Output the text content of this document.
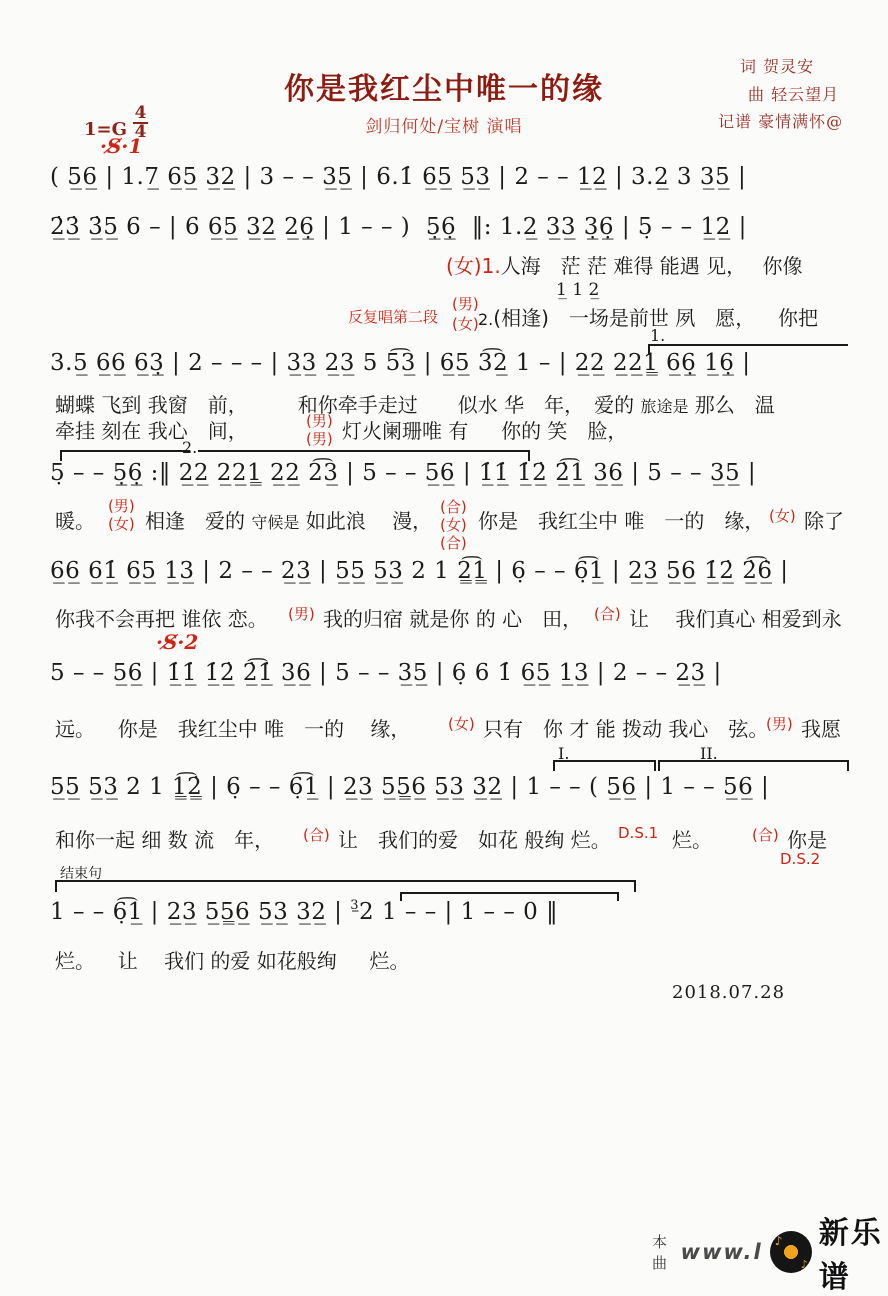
你是我红尘中唯一的缘
剑归何处/宝树 演唱
词 贺灵安
曲 轻云望月
记谱 豪情满怀@
$1=G \frac{4}{4}$
·S̸·1
( 5̲6̲ | 1.7̲ 6̲5̲ 3̲2̲ | 3 – – 3̲5̲ | 6.1̇ 6̲5̲ 5̲3̲ | 2 – – 1̲2̲ | 3.2̲ 3 3̲5̲ |
2̲̇3̲̇ 3̲̇5̲ 6 – | 6 6̲5̲ 3̲2̲ 2̲6̲̣ | 1 – – )  5̲̣6̲̣  ‖: 1.2̲ 3̲3̲ 3̲̣6̲̣ | 5̣ – – 1̲2̲ |
(女)1.人海　茫 茫 难得 能遇 见，　 你像
1̲ 1 2̲
反复唱第二段
(男)
(女) 2.(相逢)　一场是前世 夙　愿，　  你把
1.
3.5̲ 6̲6̲ 6̲3̲̣ | 2 – – – | 3̲3̲ 2̲3̲ 5 5͡3̲ | 6̲5̲ 3͡2̲ 1 – | 2̲2̲ 2̲2̲1̳ 6̲6̲̣ 1̲6̲̣ |
蝴蝶 飞到 我窗　前，　　　和你牵手走过　　似水 华　年，　爱的 旅途是 那么　温
牵挂 刻在 我心　间，	(男)
(男) 灯火阑珊唯 有　  你的 笑　脸，
2.
5̣ – – 5̲̣6̲̣ :‖ 2̲2̲ 2̲2̲1̳ 2̲2̲ 2͡3̲ | 5 – – 5̲6̲ | 1̲̇1̲̇ 1̲̇2̲̇ 2̲̇͡1̲ 3̲6̲ | 5 – – 3̲5̲ |
暖。
(男)
(女) 相逢　爱的 守候是 如此浪　 漫，
(合)
(女)
(合)
你是　我红尘中 唯　一的　缘， (女) 除了
6̲6̲ 6̲1̲̇ 6̲5̲ 1̲3̲ | 2 – – 2̲3̲ | 5̲5̲ 5̲3̲ 2 1 2̳͡1̳ | 6̣ – – 6̣͡1̲ | 2̲3̲ 5̲6̲ 1̲̇2̲̇ 2̲̇͡6̲̇ |
你我不会再把 谁依 恋。 (男) 我的归宿 就是你 的 心　田， (合) 让　 我们真心 相爱到永
·S̸·2
5 – – 5̲6̲ | 1̲̇1̲̇ 1̲̇2̲̇ 2̲̇͡1̲̇ 3̲6̲ | 5 – – 3̲5̲ | 6̣ 6 1̇ 6̲5̲ 1̲3̲ | 2 – – 2̲3̲ |
远。　  你是　我红尘中 唯　一的　 缘，	(女) 只有　你 才 能 拨动 我心　弦。
(男) 我愿
I.	II.
5̲5̲ 5̲3̲ 2 1 1̳͡2̳̇ | 6̣ – – 6̣͡1̲ | 2̲3̲ 5̲5̳6̲ 5̲3̲ 3̲2̲ | 1 – – ( 5̲6̲ | 1 – – 5̲6̲ |
和你一起 细 数 流　年， (合) 让　我们的爱　如花 般绚 烂。 D.S.1 烂。	(合) 你是
D.S.2
结束句
1 – – 6̣͡1̲ | 2̲3̲ 5̲5̳6̲ 5̲3̲ 3̲2̲ | $^{3̳}$2 1 – – | 1 – – 0 ‖
烂。　  让　 我们 的爱 如花般绚　  烂。
2018.07.28
本曲 www.l ♪
♪
新乐谱
